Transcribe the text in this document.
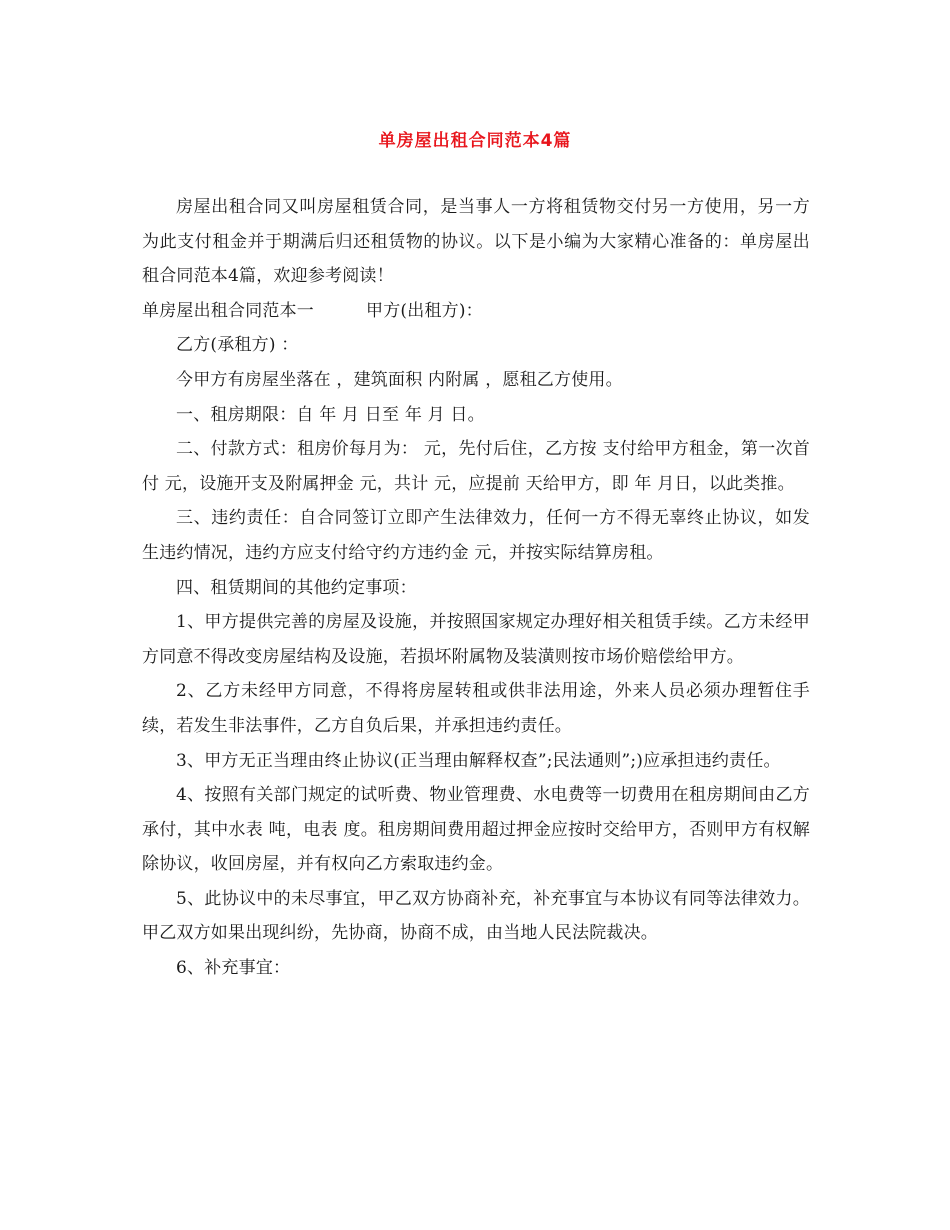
单房屋出租合同范本4篇

房屋出租合同又叫房屋租赁合同，是当事人一方将租赁物交付另一方使用，另一方为此支付租金并于期满后归还租赁物的协议。以下是小编为大家精心准备的：单房屋出租合同范本4篇，欢迎参考阅读！

单房屋出租合同范本一	甲方(出租方)：

乙方(承租方) ：

今甲方有房屋坐落在 ，建筑面积 内附属 ，愿租乙方使用。

一、租房期限：自 年 月 日至 年 月 日。

二、付款方式：租房价每月为： 元，先付后住，乙方按 支付给甲方租金，第一次首付 元，设施开支及附属押金 元，共计 元，应提前 天给甲方，即 年 月日，以此类推。

三、违约责任：自合同签订立即产生法律效力，任何一方不得无辜终止协议，如发生违约情况，违约方应支付给守约方违约金 元，并按实际结算房租。

四、租赁期间的其他约定事项：

1、甲方提供完善的房屋及设施，并按照国家规定办理好相关租赁手续。乙方未经甲方同意不得改变房屋结构及设施，若损坏附属物及装潢则按市场价赔偿给甲方。

2、乙方未经甲方同意，不得将房屋转租或供非法用途，外来人员必须办理暂住手续，若发生非法事件，乙方自负后果，并承担违约责任。

3、甲方无正当理由终止协议(正当理由解释权查”;民法通则”;)应承担违约责任。

4、按照有关部门规定的试听费、物业管理费、水电费等一切费用在租房期间由乙方承付，其中水表 吨，电表 度。租房期间费用超过押金应按时交给甲方，否则甲方有权解除协议，收回房屋，并有权向乙方索取违约金。

5、此协议中的未尽事宜，甲乙双方协商补充，补充事宜与本协议有同等法律效力。甲乙双方如果出现纠纷，先协商，协商不成，由当地人民法院裁决。

6、补充事宜：
